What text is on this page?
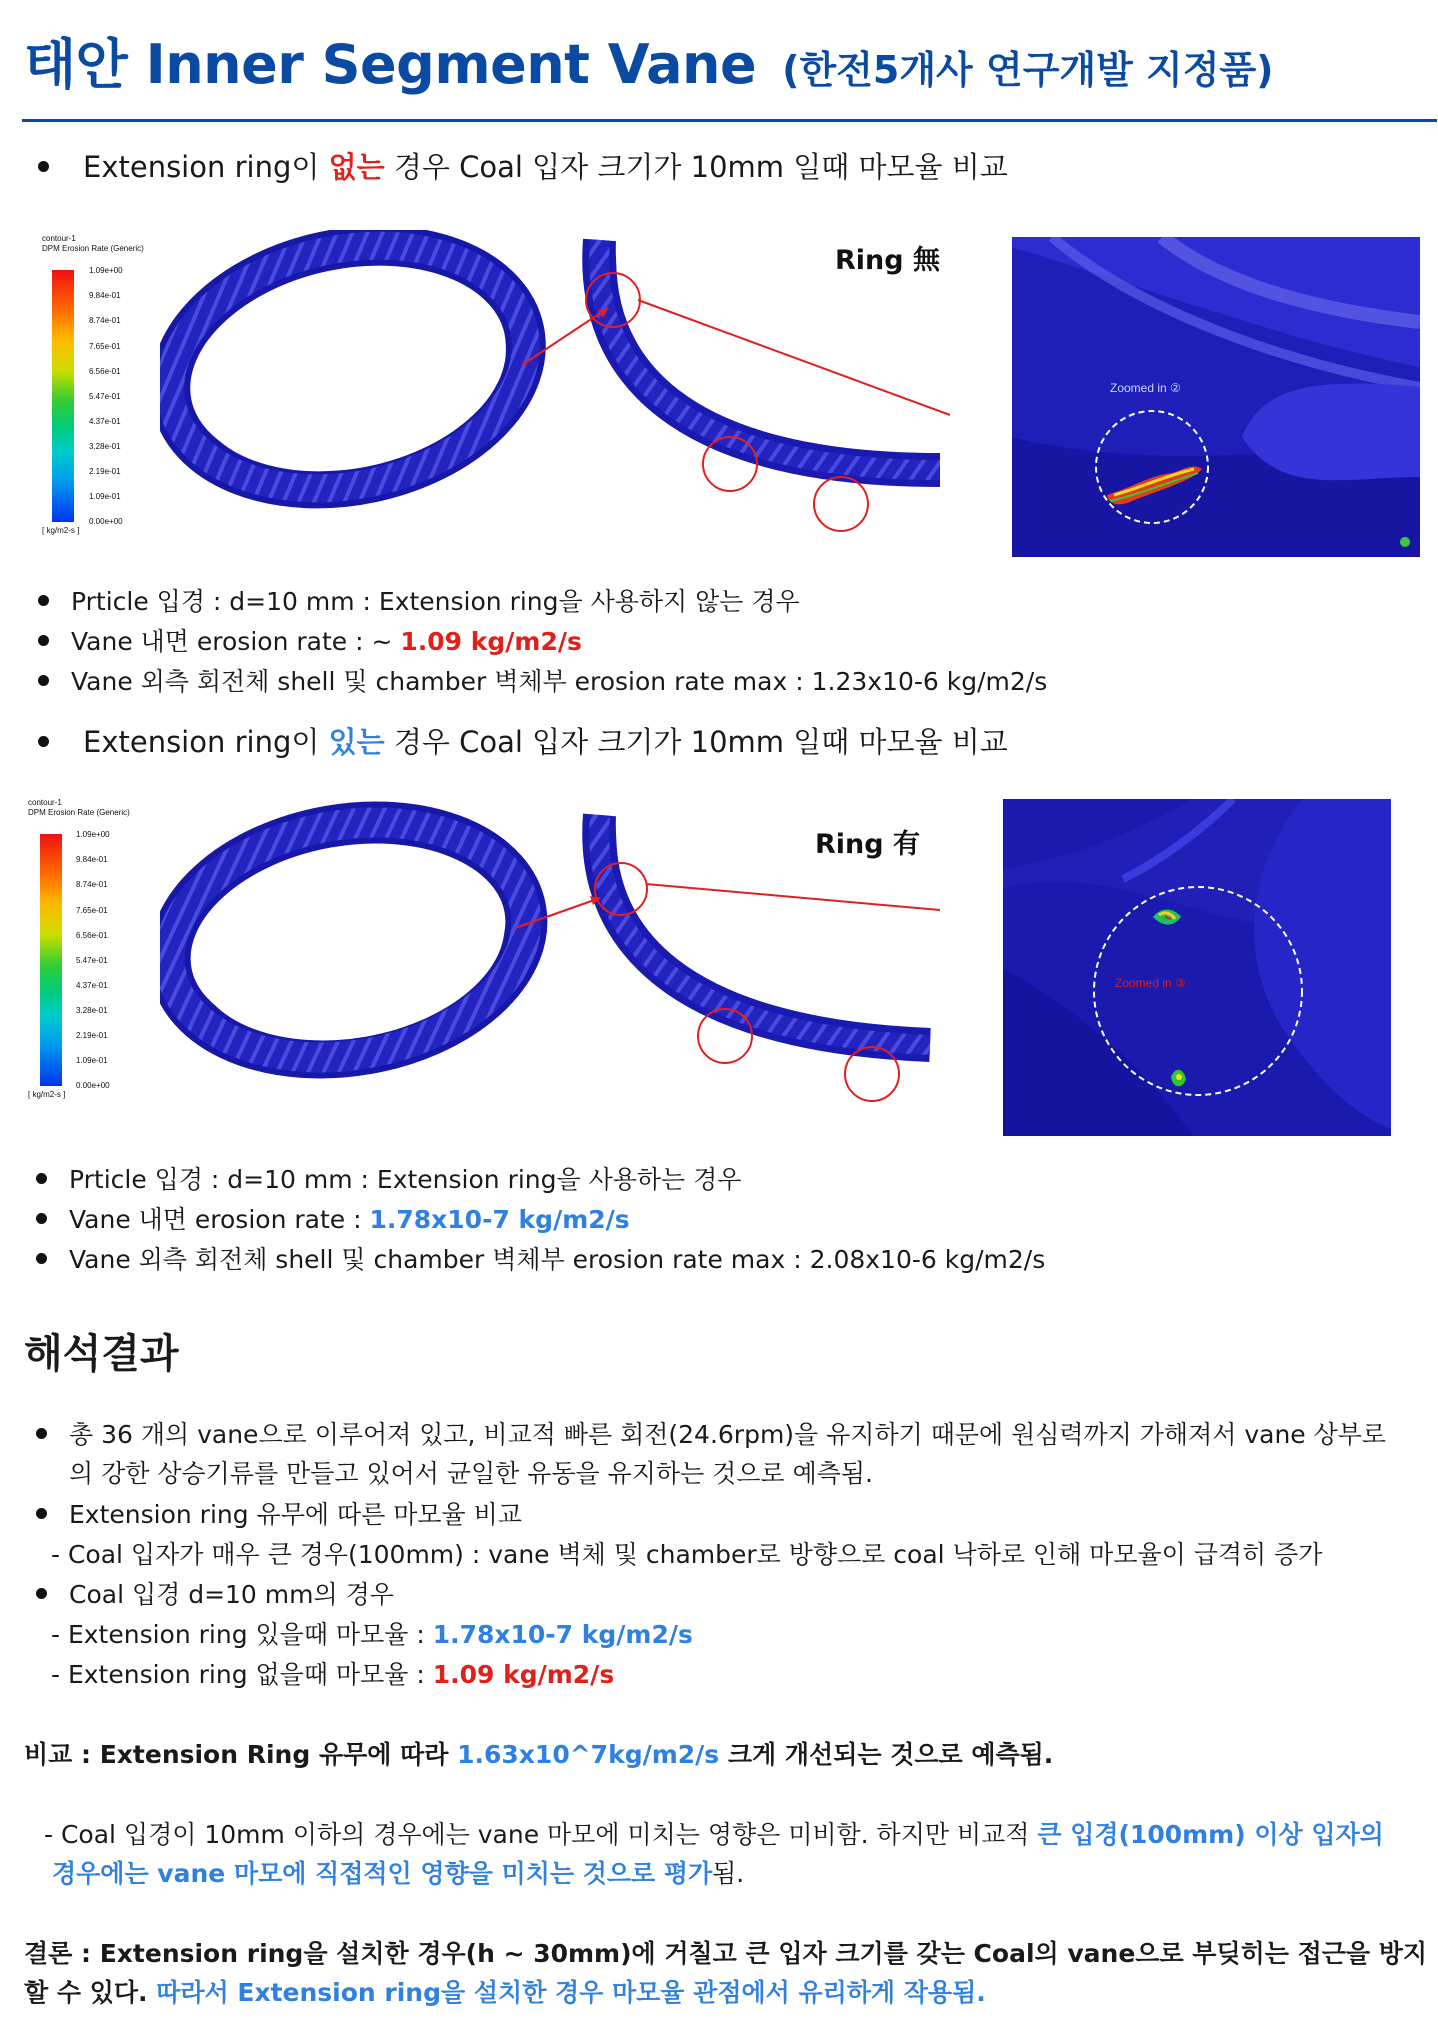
태안 Inner Segment Vane (한전5개사 연구개발 지정품)
Extension ring이 없는 경우 Coal 입자 크기가 10mm 일때 마모율 비교
contour-1
DPM Erosion Rate (Generic)
1.09e+00
9.84e-01
8.74e-01
7.65e-01
6.56e-01
5.47e-01
4.37e-01
3.28e-01
2.19e-01
1.09e-01
0.00e+00
[ kg/m2-s ]
Ring 無
Zoomed in ②
Prticle 입경 : d=10 mm : Extension ring을 사용하지 않는 경우
Vane 내면 erosion rate : ~ 1.09 kg/m2/s
Vane 외측 회전체 shell 및 chamber 벽체부 erosion rate max : 1.23x10-6 kg/m2/s
Extension ring이 있는 경우 Coal 입자 크기가 10mm 일때 마모율 비교
contour-1
DPM Erosion Rate (Generic)
1.09e+00
9.84e-01
8.74e-01
7.65e-01
6.56e-01
5.47e-01
4.37e-01
3.28e-01
2.19e-01
1.09e-01
0.00e+00
[ kg/m2-s ]
Ring 有
Zoomed in ③
Prticle 입경 : d=10 mm : Extension ring을 사용하는 경우
Vane 내면 erosion rate : 1.78x10-7 kg/m2/s
Vane 외측 회전체 shell 및 chamber 벽체부 erosion rate max : 2.08x10-6 kg/m2/s
해석결과
총 36 개의 vane으로 이루어져 있고, 비교적 빠른 회전(24.6rpm)을 유지하기 때문에 원심력까지 가해져서 vane 상부로
의 강한 상승기류를 만들고 있어서 균일한 유동을 유지하는 것으로 예측됨.
Extension ring 유무에 따른 마모율 비교
- Coal 입자가 매우 큰 경우(100mm) : vane 벽체 및 chamber로 방향으로 coal 낙하로 인해 마모율이 급격히 증가
Coal 입경 d=10 mm의 경우
- Extension ring 있을때 마모율 : 1.78x10-7 kg/m2/s
- Extension ring 없을때 마모율 : 1.09 kg/m2/s
비교 : Extension Ring 유무에 따라 1.63x10^7kg/m2/s 크게 개선되는 것으로 예측됨.
- Coal 입경이 10mm 이하의 경우에는 vane 마모에 미치는 영향은 미비함. 하지만 비교적 큰 입경(100mm) 이상 입자의
경우에는 vane 마모에 직접적인 영향을 미치는 것으로 평가됨.
결론 : Extension ring을 설치한 경우(h ~ 30mm)에 거칠고 큰 입자 크기를 갖는 Coal의 vane으로 부딪히는 접근을 방지
할 수 있다. 따라서 Extension ring을 설치한 경우 마모율 관점에서 유리하게 작용됨.
